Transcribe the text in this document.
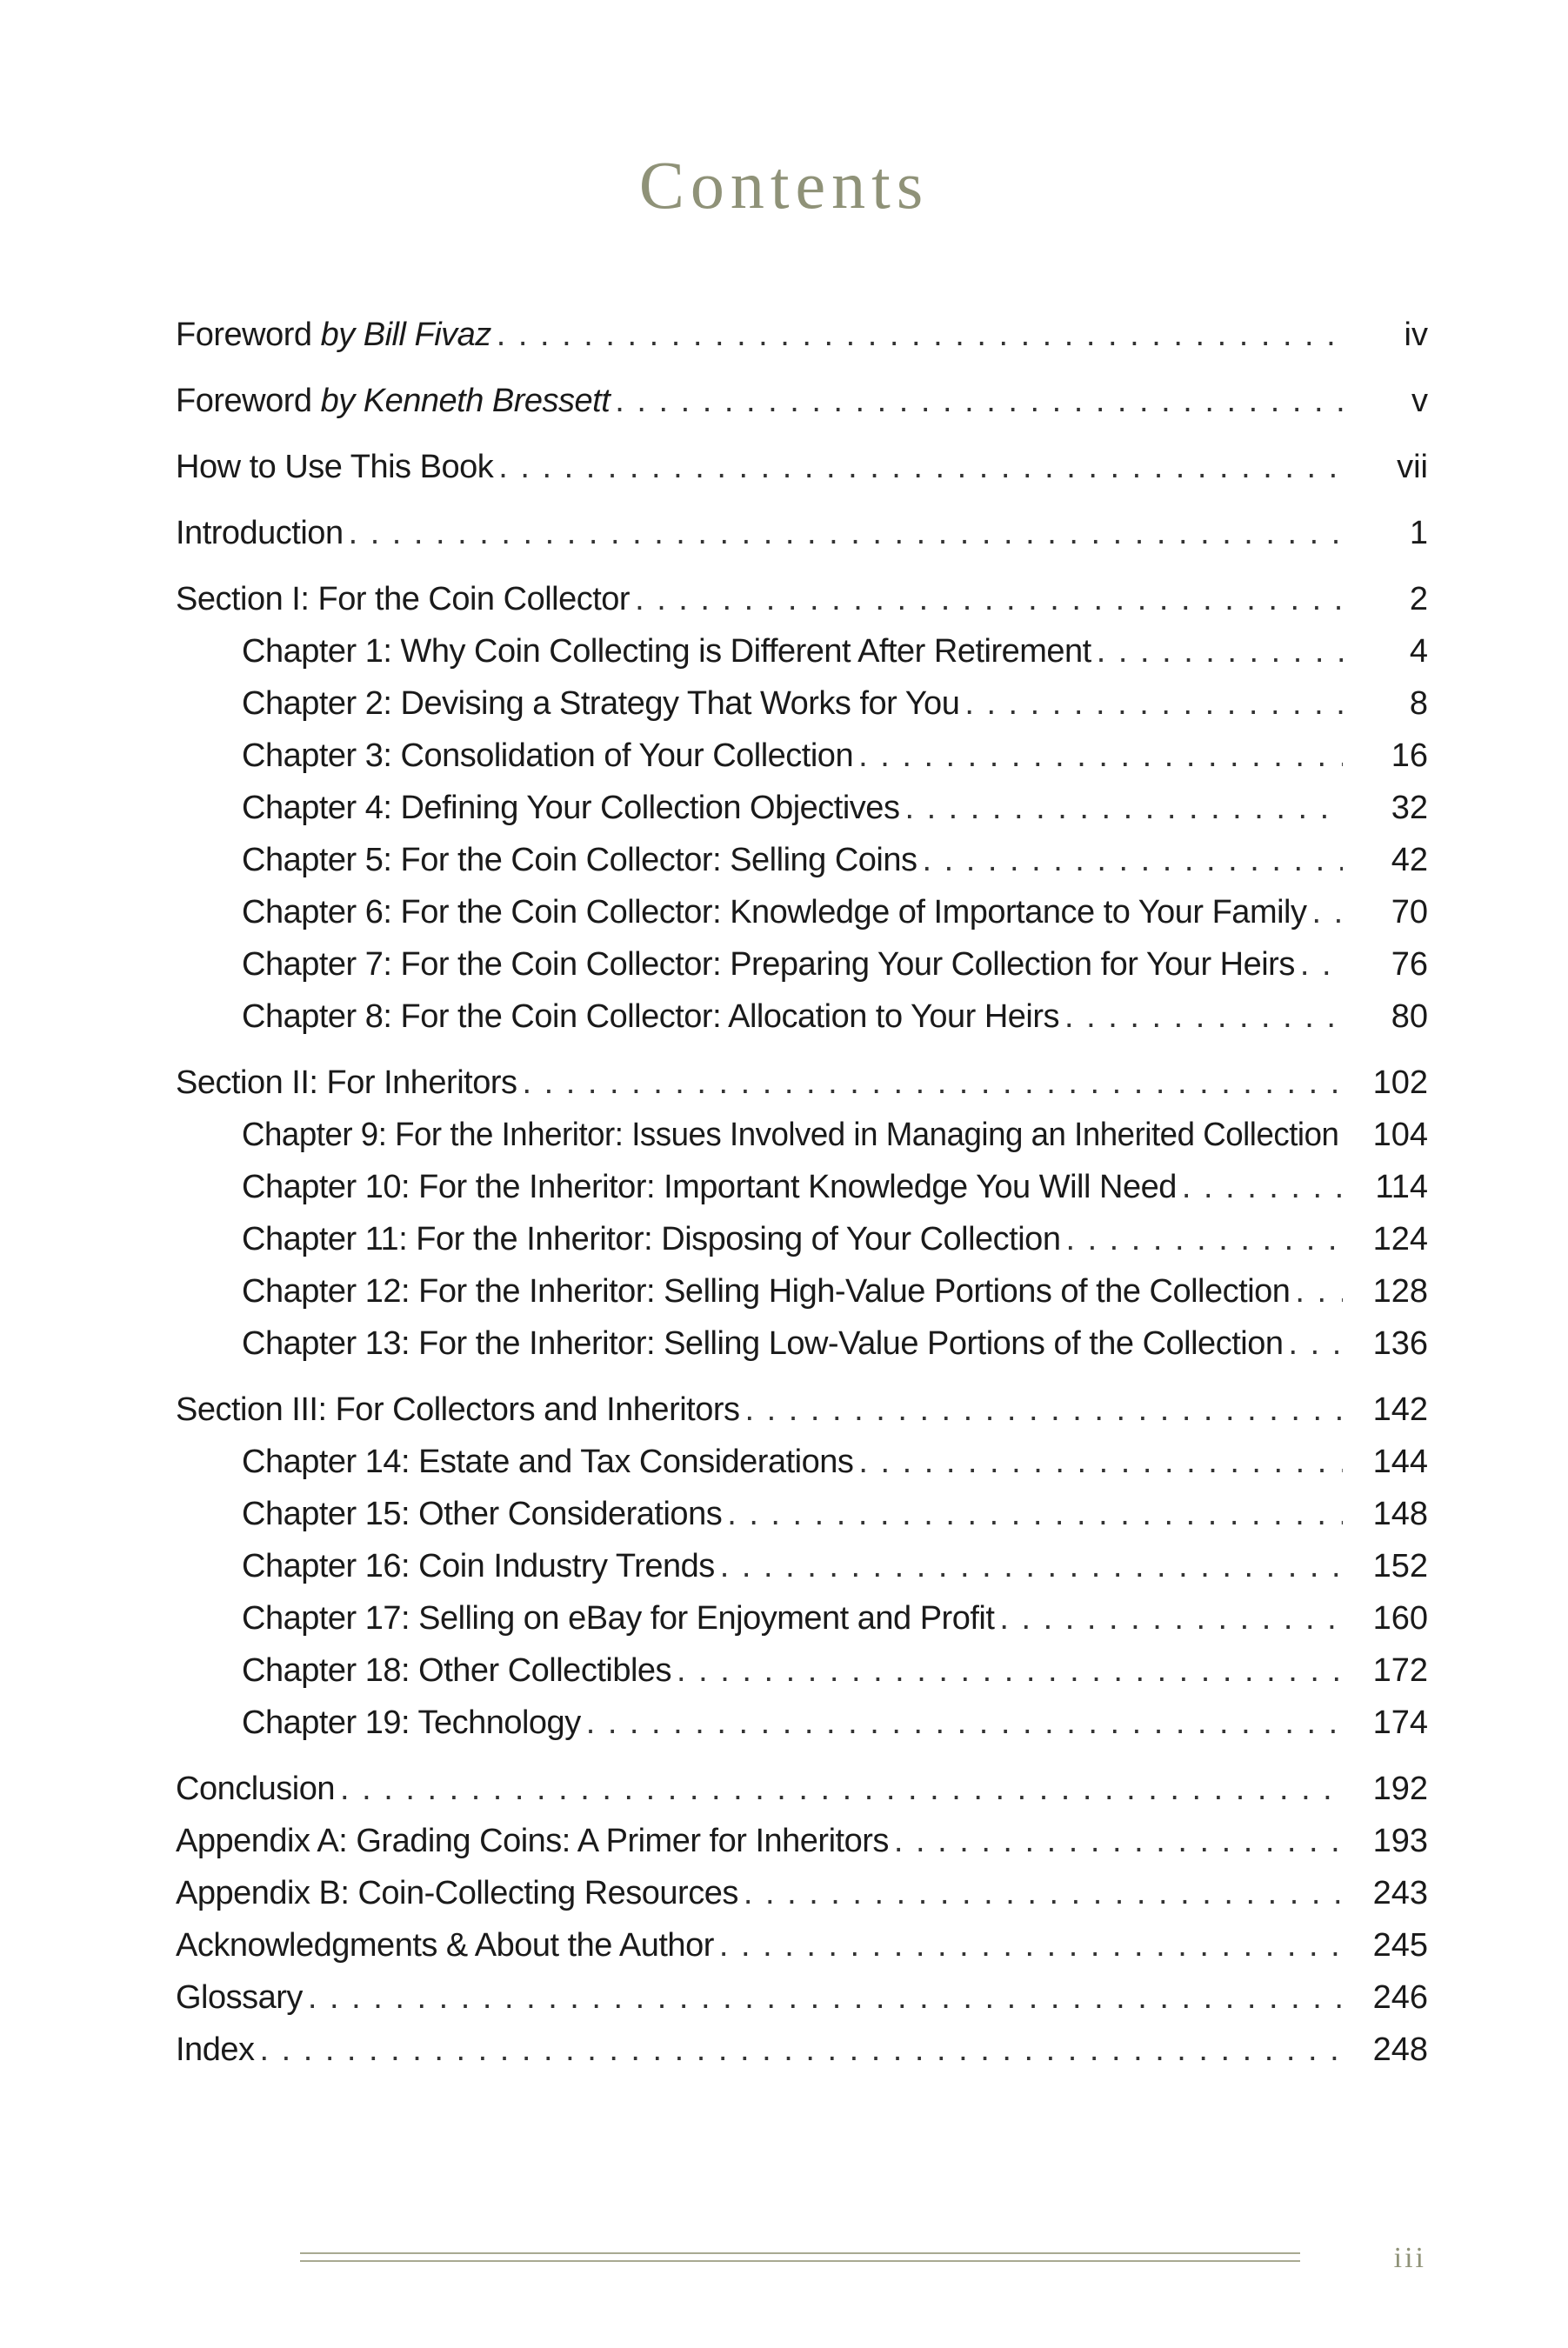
Contents
Foreword by Bill Fivaz . . .	iv
Foreword by Kenneth Bressett . . .	v
How to Use This Book . . .	vii
Introduction . . .	1
Section I: For the Coin Collector . . .	2
Chapter 1: Why Coin Collecting is Different After Retirement . . .	4
Chapter 2: Devising a Strategy That Works for You . . .	8
Chapter 3: Consolidation of Your Collection . . .	16
Chapter 4: Defining Your Collection Objectives . . .	32
Chapter 5: For the Coin Collector: Selling Coins . . .	42
Chapter 6: For the Coin Collector: Knowledge of Importance to Your Family . . .	70
Chapter 7: For the Coin Collector: Preparing Your Collection for Your Heirs . . .	76
Chapter 8: For the Coin Collector: Allocation to Your Heirs . . .	80
Section II: For Inheritors . . .	102
Chapter 9: For the Inheritor: Issues Involved in Managing an Inherited Collection	104
Chapter 10: For the Inheritor: Important Knowledge You Will Need . . .	114
Chapter 11: For the Inheritor: Disposing of Your Collection . . .	124
Chapter 12: For the Inheritor: Selling High-Value Portions of the Collection . . .	128
Chapter 13: For the Inheritor: Selling Low-Value Portions of the Collection . . .	136
Section III: For Collectors and Inheritors . . .	142
Chapter 14: Estate and Tax Considerations . . .	144
Chapter 15: Other Considerations . . .	148
Chapter 16: Coin Industry Trends . . .	152
Chapter 17: Selling on eBay for Enjoyment and Profit . . .	160
Chapter 18: Other Collectibles . . .	172
Chapter 19: Technology . . .	174
Conclusion . . .	192
Appendix A: Grading Coins: A Primer for Inheritors . . .	193
Appendix B: Coin-Collecting Resources . . .	243
Acknowledgments & About the Author . . .	245
Glossary . . .	246
Index . . .	248
iii
